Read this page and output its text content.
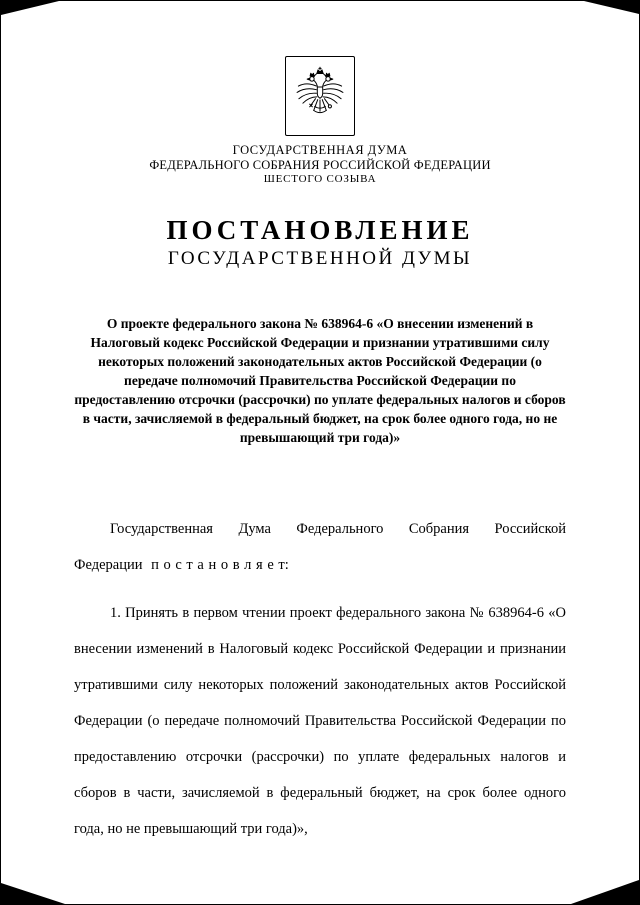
ГОСУДАРСТВЕННАЯ ДУМА
ФЕДЕРАЛЬНОГО СОБРАНИЯ РОССИЙСКОЙ ФЕДЕРАЦИИ
ШЕСТОГО СОЗЫВА
ПОСТАНОВЛЕНИЕ
ГОСУДАРСТВЕННОЙ ДУМЫ

О проекте федерального закона № 638964-6 «О внесении изменений в Налоговый кодекс Российской Федерации и признании утратившими силу некоторых положений законодательных актов Российской Федерации (о передаче полномочий Правительства Российской Федерации по предоставлению отсрочки (рассрочки) по уплате федеральных налогов и сборов в части, зачисляемой в федеральный бюджет, на срок более одного года, но не превышающий три года)»

Государственная Дума Федерального Собрания Российской Федерации п о с т а н о в л я е т:

1. Принять в первом чтении проект федерального закона № 638964-6 «О внесении изменений в Налоговый кодекс Российской Федерации и признании утратившими силу некоторых положений законодательных актов Российской Федерации (о передаче полномочий Правительства Российской Федерации по предоставлению отсрочки (рассрочки) по уплате федеральных налогов и сборов в части, зачисляемой в федеральный бюджет, на срок более одного года, но не превышающий три года)»,
